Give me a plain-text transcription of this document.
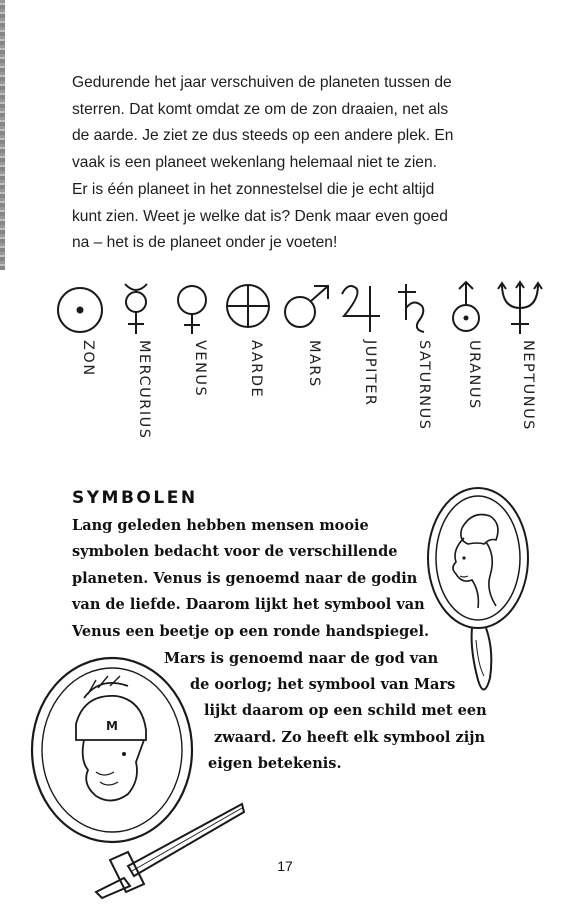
Gedurende het jaar verschuiven de planeten tussen de
sterren. Dat komt omdat ze om de zon draaien, net als
de aarde. Je ziet ze dus steeds op een andere plek. En
vaak is een planeet wekenlang helemaal niet te zien.
Er is één planeet in het zonnestelsel die je echt altijd
kunt zien. Weet je welke dat is? Denk maar even goed
na – het is de planeet onder je voeten!
ZON	MERCURIUS	VENUS	AARDE	MARS	JUPITER	SATURNUS URANUS	NEPTUNUS
SYMBOLEN
Lang geleden hebben mensen mooie
symbolen bedacht voor de verschillende
planeten. Venus is genoemd naar de godin
van de liefde. Daarom lijkt het symbool van
Venus een beetje op een ronde handspiegel.
Mars is genoemd naar de god van
de oorlog; het symbool van Mars
lijkt daarom op een schild met een
zwaard. Zo heeft elk symbool zijn
eigen betekenis.
M
17
